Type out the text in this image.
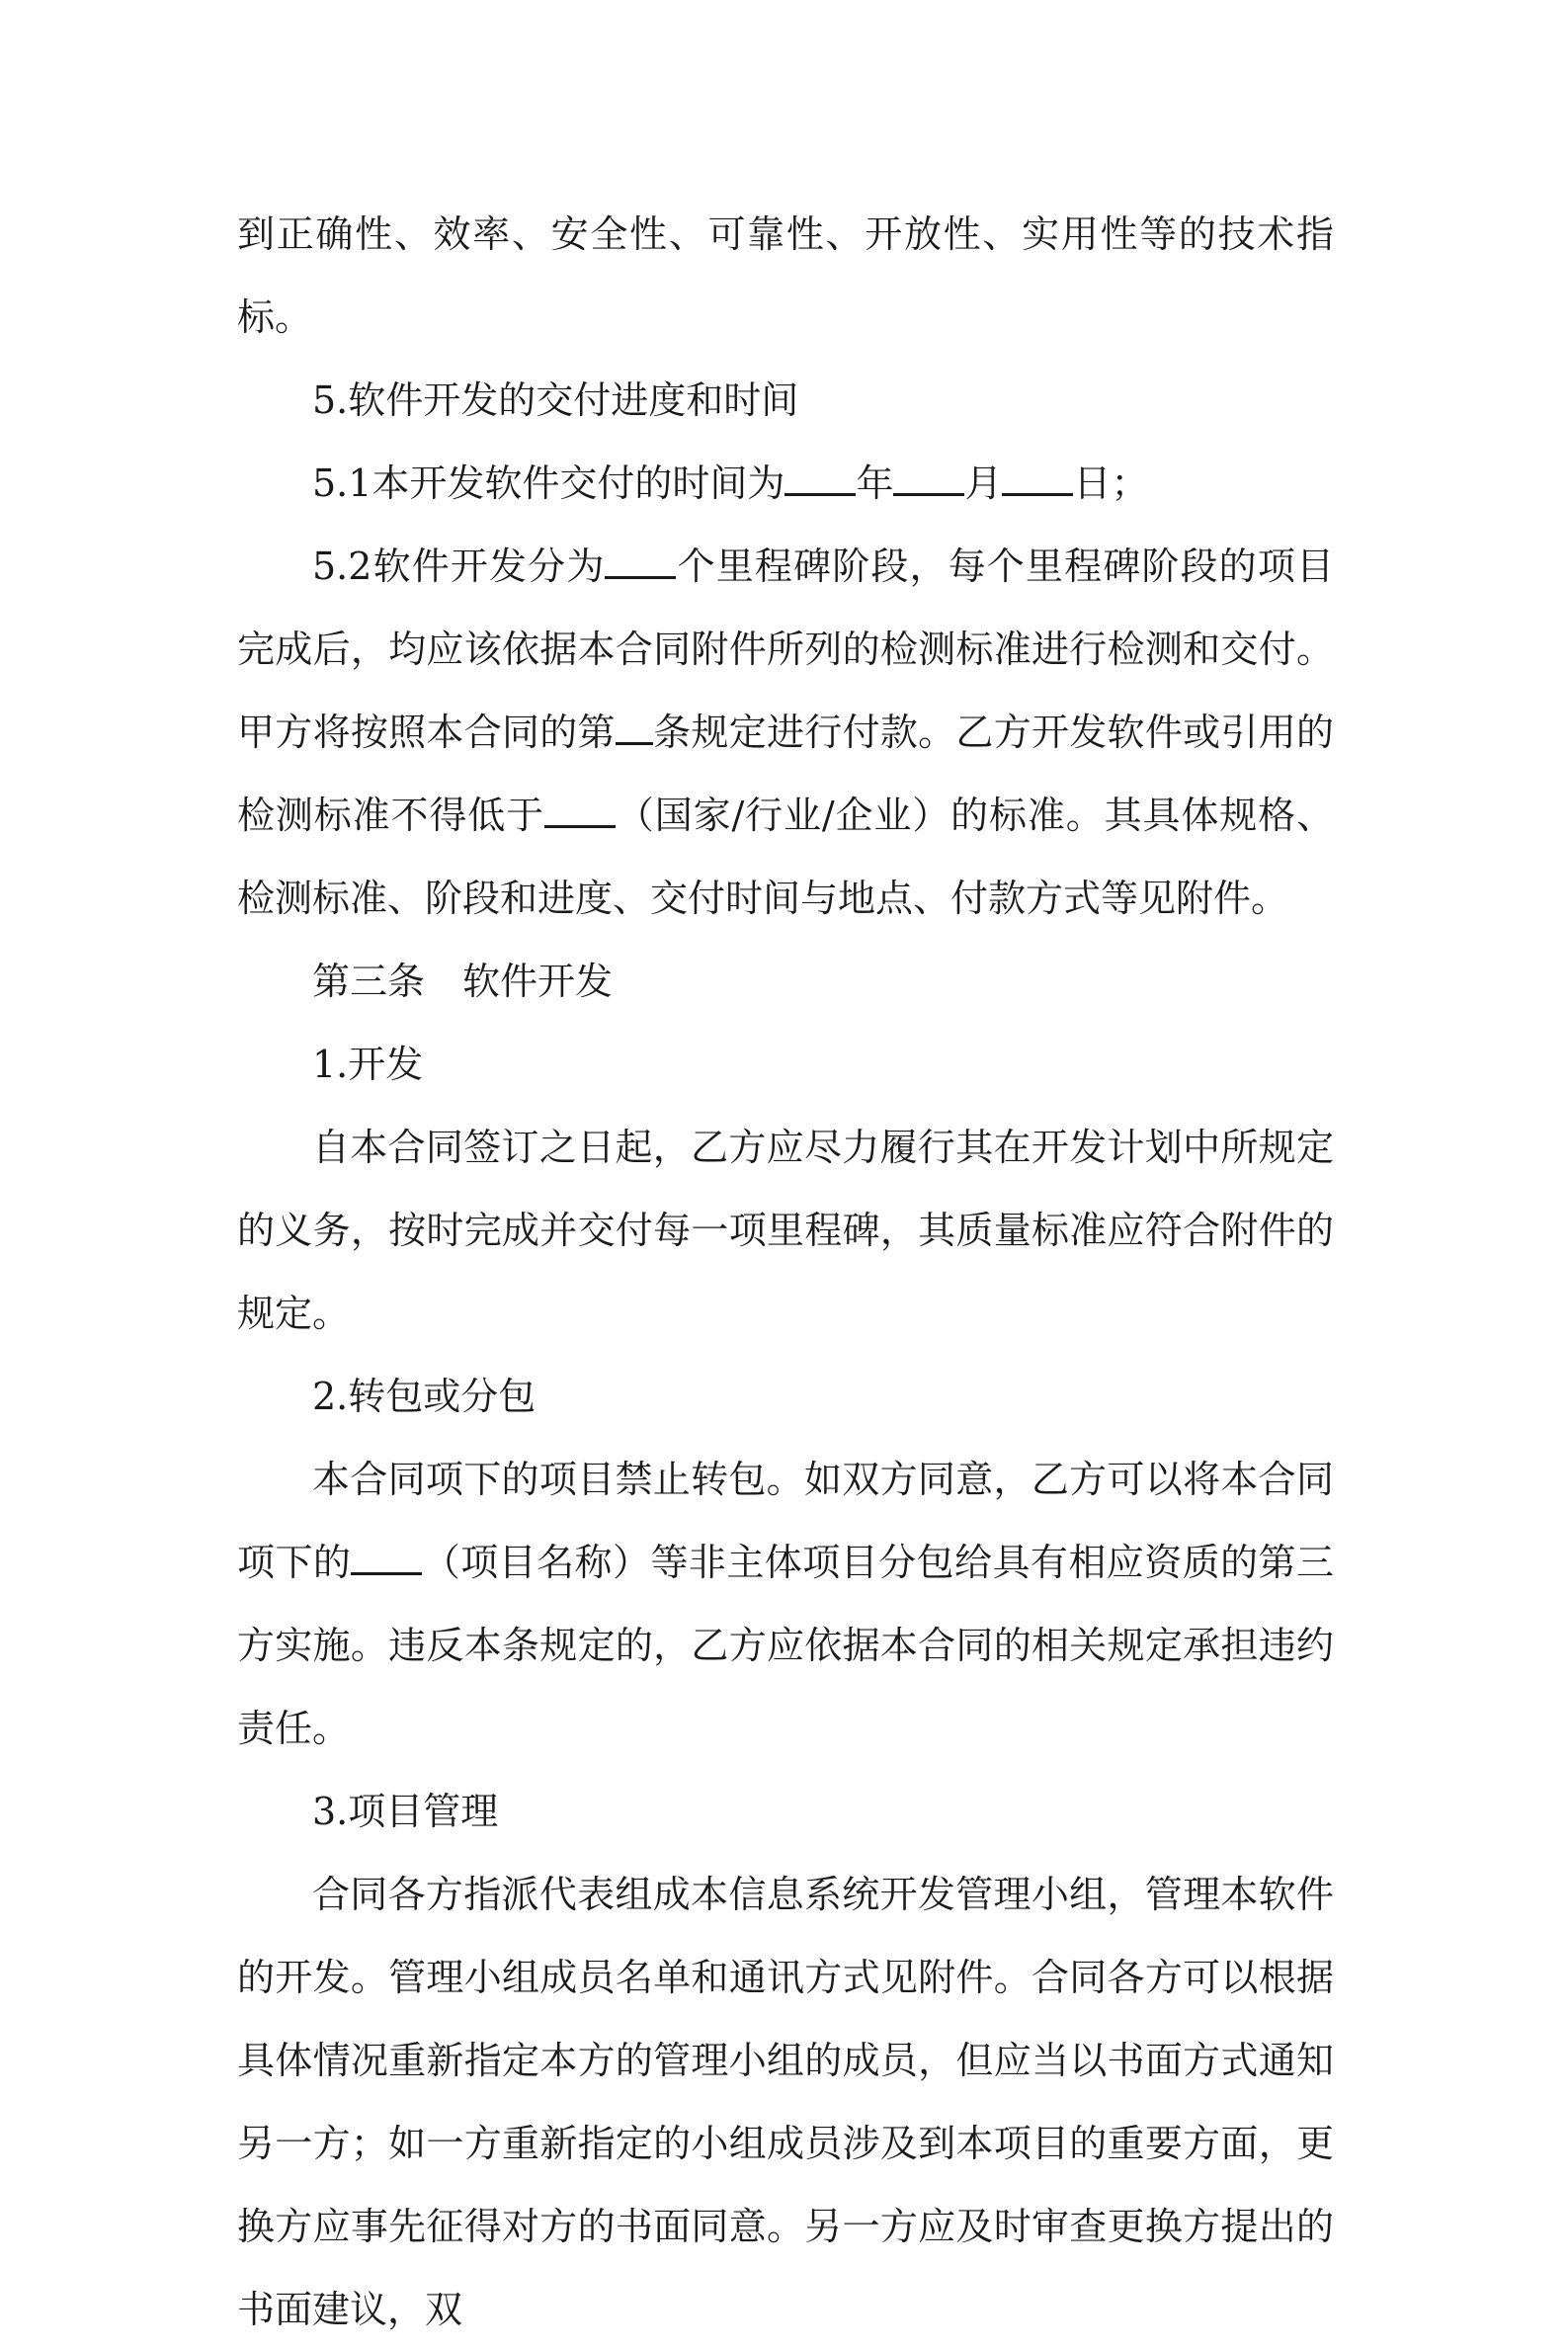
到正确性、效率、安全性、可靠性、开放性、实用性等的技术指标。

5.软件开发的交付进度和时间

5.1本开发软件交付的时间为 年 月 日；

5.2软件开发分为 个里程碑阶段，每个里程碑阶段的项目完成后，均应该依据本合同附件所列的检测标准进行检测和交付。甲方将按照本合同的第 条规定进行付款。乙方开发软件或引用的检测标准不得低于 （国家/行业/企业）的标准。其具体规格、检测标准、阶段和进度、交付时间与地点、付款方式等见附件。

第三条 软件开发

1.开发

自本合同签订之日起，乙方应尽力履行其在开发计划中所规定的义务，按时完成并交付每一项里程碑，其质量标准应符合附件的规定。

2.转包或分包

本合同项下的项目禁止转包。如双方同意，乙方可以将本合同项下的 （项目名称）等非主体项目分包给具有相应资质的第三方实施。违反本条规定的，乙方应依据本合同的相关规定承担违约责任。

3.项目管理

合同各方指派代表组成本信息系统开发管理小组，管理本软件的开发。管理小组成员名单和通讯方式见附件。合同各方可以根据具体情况重新指定本方的管理小组的成员，但应当以书面方式通知另一方；如一方重新指定的小组成员涉及到本项目的重要方面，更换方应事先征得对方的书面同意。另一方应及时审查更换方提出的书面建议，双
